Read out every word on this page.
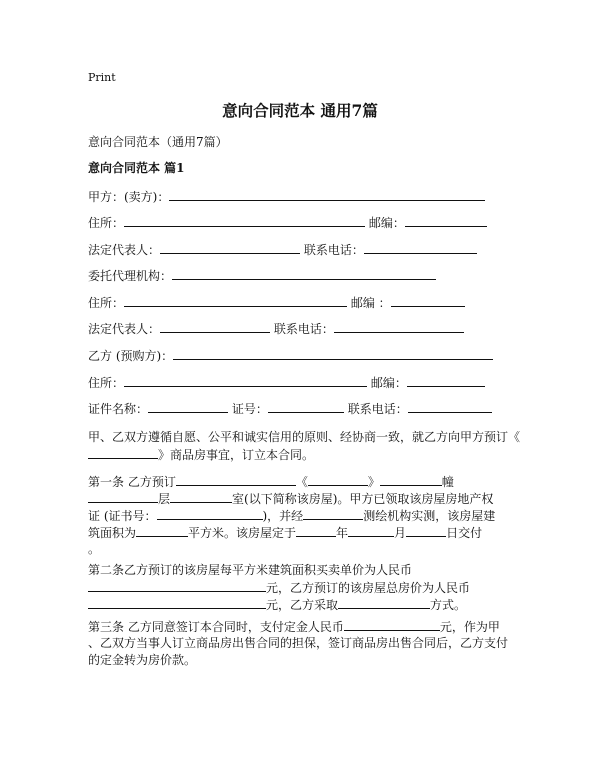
Print
意向合同范本 通用7篇
意向合同范本（通用7篇）
意向合同范本 篇1
甲方：(卖方)：
住所：	邮编：
法定代表人：	联系电话：
委托代理机构：
住所：	邮编 ：
法定代表人：	联系电话：
乙方 (预购方)：
住所：	邮编：
证件名称：	证号：	联系电话：
甲、乙双方遵循自愿、公平和诚实信用的原则、经协商一致，就乙方向甲方预订《
》商品房事宜，订立本合同。
第一条 乙方预订	《	》	幢
层	室(以下简称该房屋)。甲方已领取该房屋房地产权
证 (证书号：	)，并经	测绘机构实测，该房屋建
筑面积为	平方米。该房屋定于	年	月	日交付
。
第二条乙方预订的该房屋每平方米建筑面积买卖单价为人民币
元，乙方预订的该房屋总房价为人民币
元，乙方采取	方式。
第三条 乙方同意签订本合同时，支付定金人民币	元，作为甲
、乙双方当事人订立商品房出售合同的担保，签订商品房出售合同后，乙方支付
的定金转为房价款。
